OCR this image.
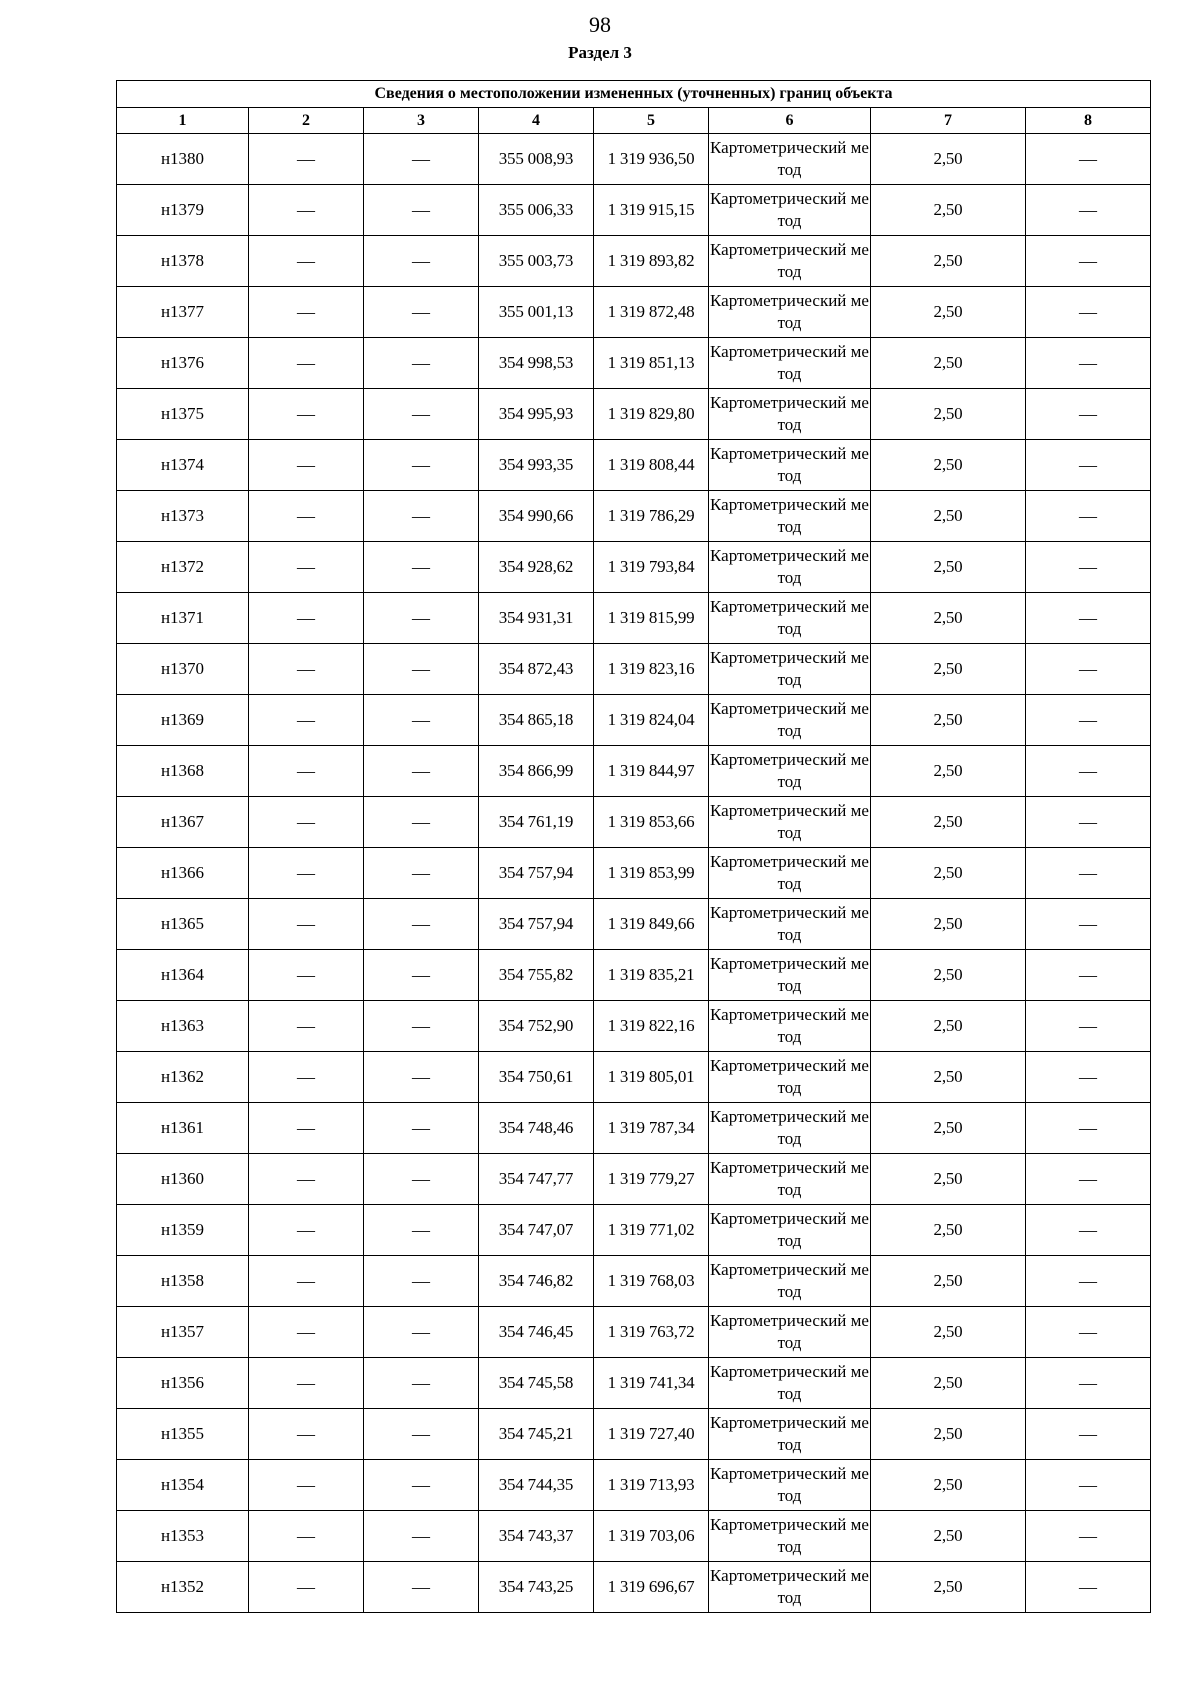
98
Раздел 3
Сведения о местоположении измененных (уточненных) границ объекта							
1	2	3	4	5	6	7	8
н1380	—	—	355 008,93	1 319 936,50	Картометрический метод	2,50	—
н1379	—	—	355 006,33	1 319 915,15	Картометрический метод	2,50	—
н1378	—	—	355 003,73	1 319 893,82	Картометрический метод	2,50	—
н1377	—	—	355 001,13	1 319 872,48	Картометрический метод	2,50	—
н1376	—	—	354 998,53	1 319 851,13	Картометрический метод	2,50	—
н1375	—	—	354 995,93	1 319 829,80	Картометрический метод	2,50	—
н1374	—	—	354 993,35	1 319 808,44	Картометрический метод	2,50	—
н1373	—	—	354 990,66	1 319 786,29	Картометрический метод	2,50	—
н1372	—	—	354 928,62	1 319 793,84	Картометрический метод	2,50	—
н1371	—	—	354 931,31	1 319 815,99	Картометрический метод	2,50	—
н1370	—	—	354 872,43	1 319 823,16	Картометрический метод	2,50	—
н1369	—	—	354 865,18	1 319 824,04	Картометрический метод	2,50	—
н1368	—	—	354 866,99	1 319 844,97	Картометрический метод	2,50	—
н1367	—	—	354 761,19	1 319 853,66	Картометрический метод	2,50	—
н1366	—	—	354 757,94	1 319 853,99	Картометрический метод	2,50	—
н1365	—	—	354 757,94	1 319 849,66	Картометрический метод	2,50	—
н1364	—	—	354 755,82	1 319 835,21	Картометрический метод	2,50	—
н1363	—	—	354 752,90	1 319 822,16	Картометрический метод	2,50	—
н1362	—	—	354 750,61	1 319 805,01	Картометрический метод	2,50	—
н1361	—	—	354 748,46	1 319 787,34	Картометрический метод	2,50	—
н1360	—	—	354 747,77	1 319 779,27	Картометрический метод	2,50	—
н1359	—	—	354 747,07	1 319 771,02	Картометрический метод	2,50	—
н1358	—	—	354 746,82	1 319 768,03	Картометрический метод	2,50	—
н1357	—	—	354 746,45	1 319 763,72	Картометрический метод	2,50	—
н1356	—	—	354 745,58	1 319 741,34	Картометрический метод	2,50	—
н1355	—	—	354 745,21	1 319 727,40	Картометрический метод	2,50	—
н1354	—	—	354 744,35	1 319 713,93	Картометрический метод	2,50	—
н1353	—	—	354 743,37	1 319 703,06	Картометрический метод	2,50	—
н1352	—	—	354 743,25	1 319 696,67	Картометрический метод	2,50	—
